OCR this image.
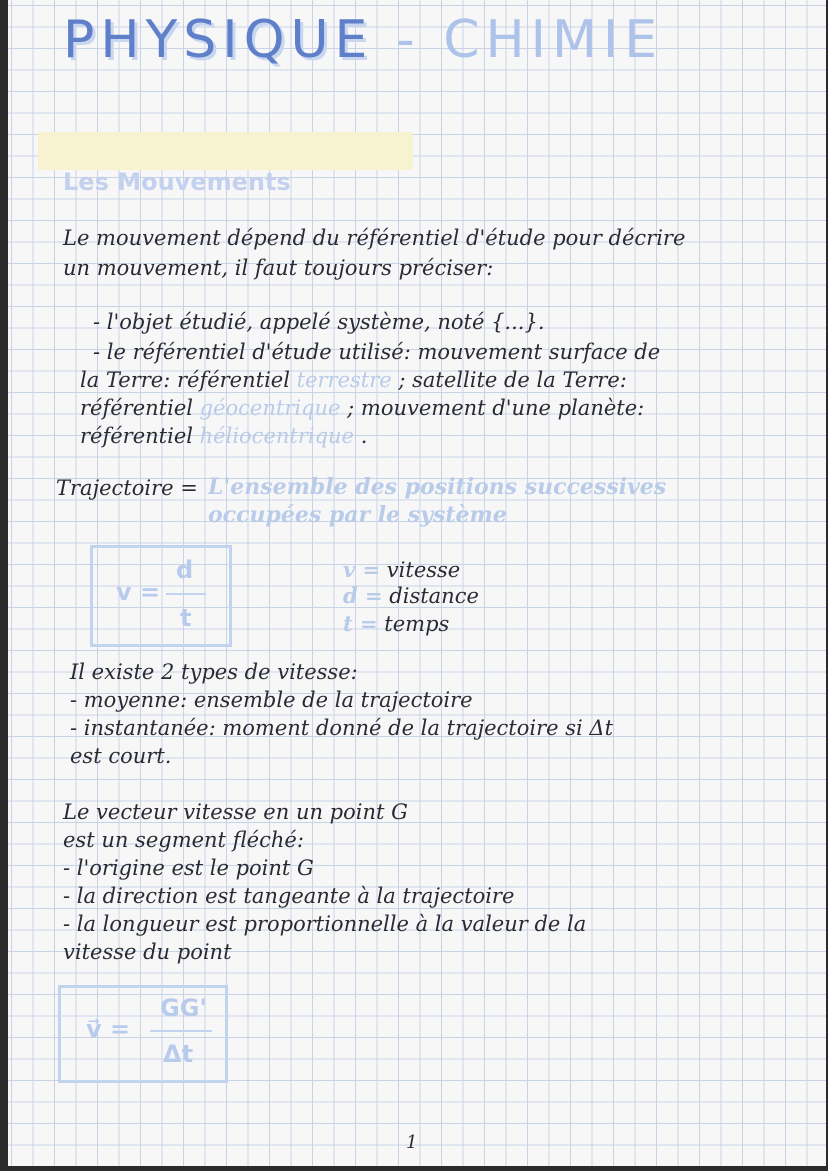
PHYSIQUE - CHIMIE
Les Mouvements
Le mouvement dépend du référentiel d'étude pour décrire
un mouvement, il faut toujours préciser:
- l'objet étudié, appelé système, noté {...}.
- le référentiel d'étude utilisé: mouvement surface de
la Terre: référentiel terrestre ; satellite de la Terre:
référentiel géocentrique ; mouvement d'une planète:
référentiel héliocentrique .
Trajectoire = L'ensemble des positions successives
occupées par le système
v =
d
t
v = vitesse
d = distance
t = temps
Il existe 2 types de vitesse:
- moyenne: ensemble de la trajectoire
- instantanée: moment donné de la trajectoire si Δt
est court.
Le vecteur vitesse en un point G
est un segment fléché:
- l'origine est le point G
- la direction est tangeante à la trajectoire
- la longueur est proportionnelle à la valeur de la
vitesse du point
v⃗ =
GG'
Δt
1
